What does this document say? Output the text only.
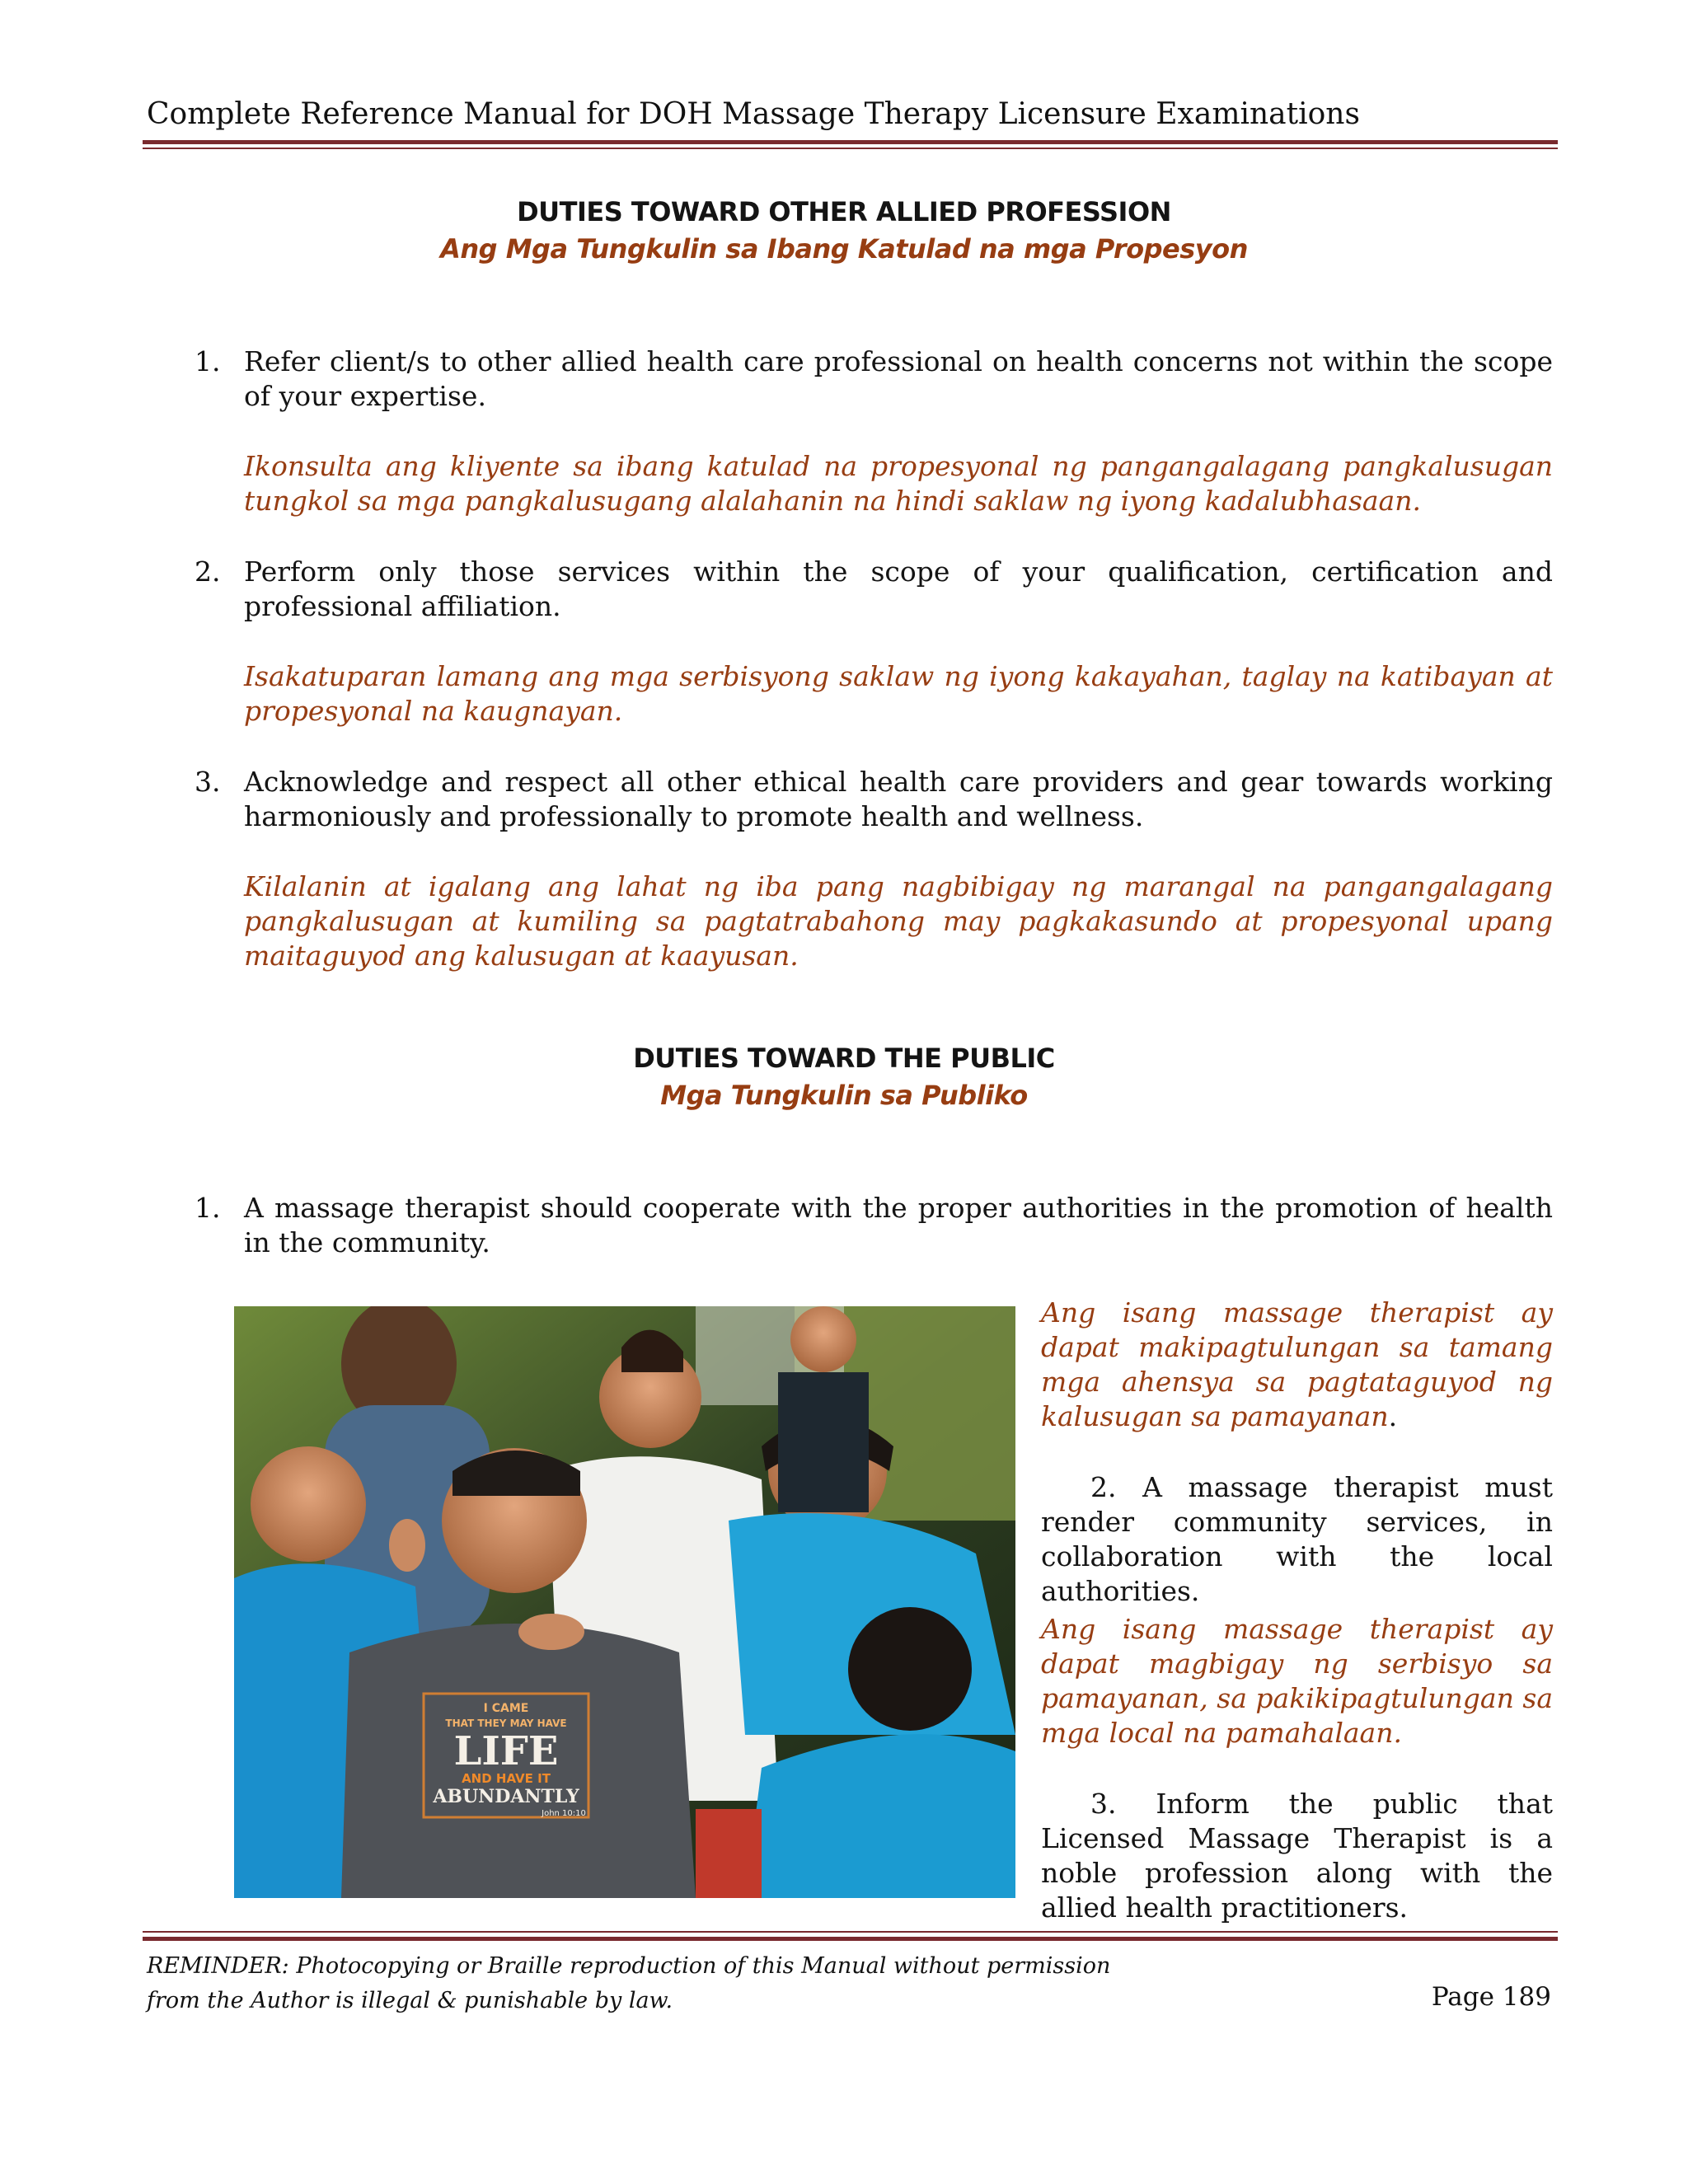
Complete Reference Manual for DOH Massage Therapy Licensure Examinations
DUTIES TOWARD OTHER ALLIED PROFESSION
Ang Mga Tungkulin sa Ibang Katulad na mga Propesyon
1. Refer client/s to other allied health care professional on health concerns not within the scope of your expertise.
Ikonsulta ang kliyente sa ibang katulad na propesyonal ng pangangalagang pangkalusugan tungkol sa mga pangkalusugang alalahanin na hindi saklaw ng iyong kadalubhasaan.
2. Perform only those services within the scope of your qualification, certification and professional affiliation.
Isakatuparan lamang ang mga serbisyong saklaw ng iyong kakayahan, taglay na katibayan at propesyonal na kaugnayan.
3. Acknowledge and respect all other ethical health care providers and gear towards working harmoniously and professionally to promote health and wellness.
Kilalanin at igalang ang lahat ng iba pang nagbibigay ng marangal na pangangalagang pangkalusugan at kumiling sa pagtatrabahong may pagkakasundo at propesyonal upang maitaguyod ang kalusugan at kaayusan.
DUTIES TOWARD THE PUBLIC
Mga Tungkulin sa Publiko
1. A massage therapist should cooperate with the proper authorities in the promotion of health in the community.
I CAME
THAT THEY MAY HAVE
LIFE
AND HAVE IT
ABUNDANTLY
John 10:10
Ang isang massage therapist ay dapat makipagtulungan sa tamang mga ahensya sa pagtataguyod ng kalusugan sa pamayanan.
2. A massage therapist must render community services, in collaboration with the local authorities.
Ang isang massage therapist ay dapat magbigay ng serbisyo sa pamayanan, sa pakikipagtulungan sa mga local na pamahalaan.
3. Inform the public that Licensed Massage Therapist is a noble profession along with the allied health practitioners.
REMINDER: Photocopying or Braille reproduction of this Manual without permission
from the Author is illegal & punishable by law.	Page 189
